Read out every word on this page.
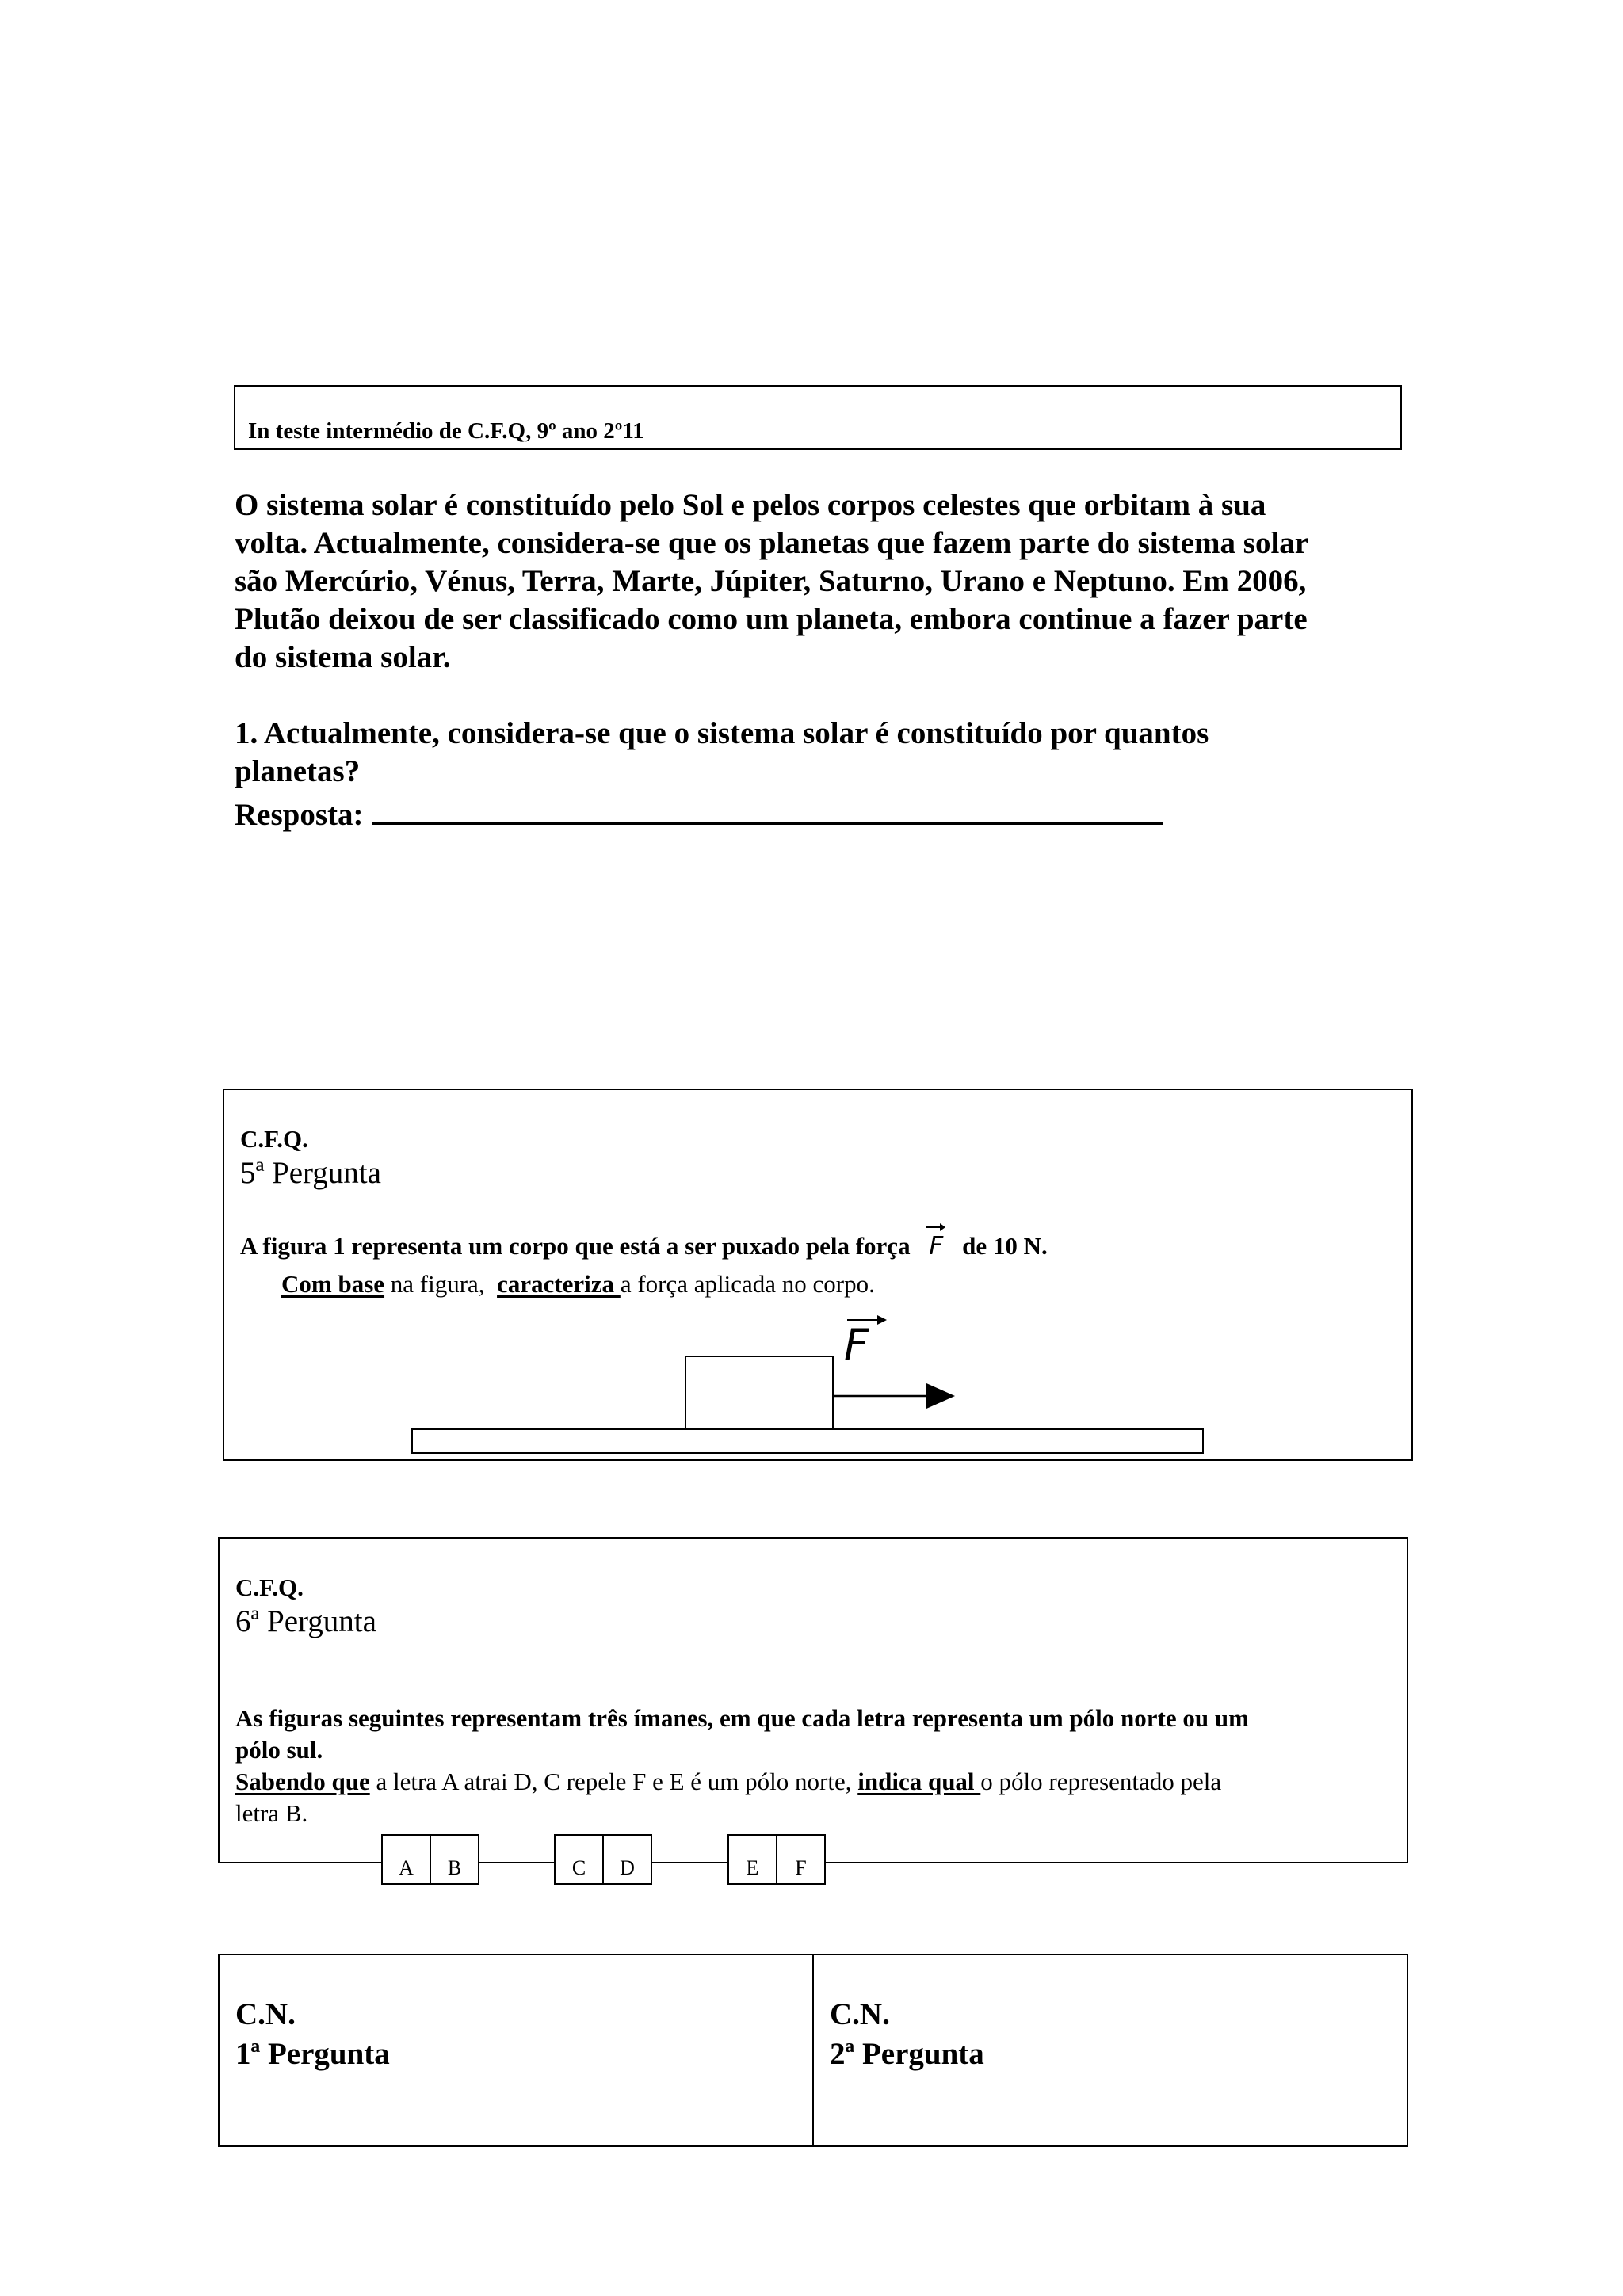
In teste intermédio de C.F.Q, 9º ano 2º11
O sistema solar é constituído pelo Sol e pelos corpos celestes que orbitam à sua
volta. Actualmente, considera-se que os planetas que fazem parte do sistema solar
são Mercúrio, Vénus, Terra, Marte, Júpiter, Saturno, Urano e Neptuno. Em 2006,
Plutão deixou de ser classificado como um planeta, embora continue a fazer parte
do sistema solar.
1. Actualmente, considera-se que o sistema solar é constituído por quantos
planetas?
Resposta:
C.F.Q.
5ª Pergunta
A figura 1 representa um corpo que está a ser puxado pela força F de 10 N.
Com base na figura,  caracteriza a força aplicada no corpo.
F
C.F.Q.
6ª Pergunta
As figuras seguintes representam três ímanes, em que cada letra representa um pólo norte ou um
pólo sul.
Sabendo que a letra A atrai D, C repele F e E é um pólo norte, indica qual o pólo representado pela
letra B.
A	B	C	D	E	F
C.N.
1ª Pergunta
C.N.
2ª Pergunta
